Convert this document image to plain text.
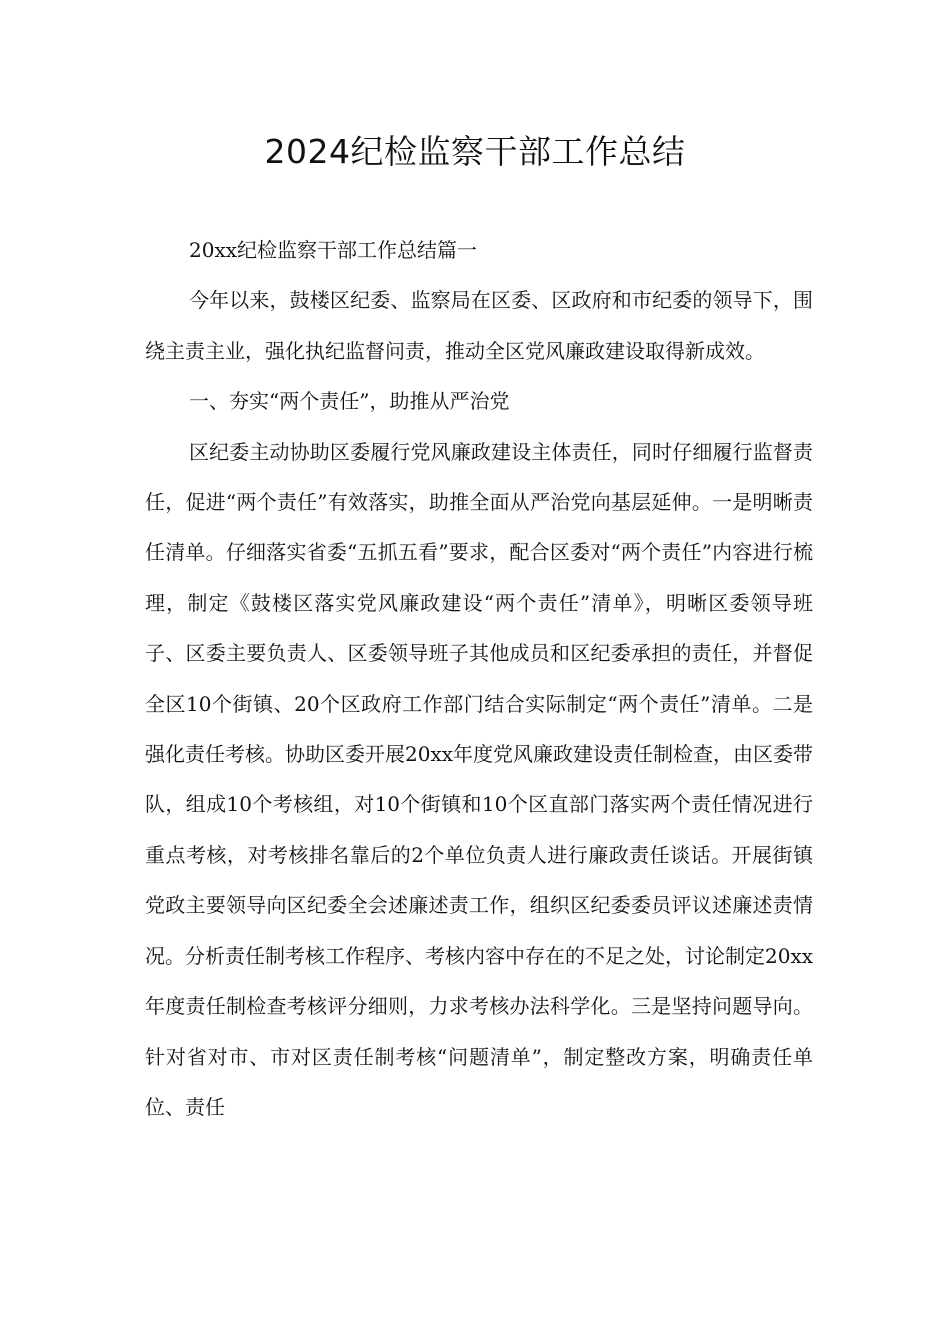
2024纪检监察干部工作总结

20xx纪检监察干部工作总结篇一

今年以来，鼓楼区纪委、监察局在区委、区政府和市纪委的领导下，围绕主责主业，强化执纪监督问责，推动全区党风廉政建设取得新成效。

一、夯实“两个责任”，助推从严治党

区纪委主动协助区委履行党风廉政建设主体责任，同时仔细履行监督责任，促进“两个责任”有效落实，助推全面从严治党向基层延伸。一是明晰责任清单。仔细落实省委“五抓五看”要求，配合区委对“两个责任”内容进行梳理，制定《鼓楼区落实党风廉政建设“两个责任”清单》，明晰区委领导班子、区委主要负责人、区委领导班子其他成员和区纪委承担的责任，并督促全区10个街镇、20个区政府工作部门结合实际制定“两个责任”清单。二是强化责任考核。协助区委开展20xx年度党风廉政建设责任制检查，由区委带队，组成10个考核组，对10个街镇和10个区直部门落实两个责任情况进行重点考核，对考核排名靠后的2个单位负责人进行廉政责任谈话。开展街镇党政主要领导向区纪委全会述廉述责工作，组织区纪委委员评议述廉述责情况。分析责任制考核工作程序、考核内容中存在的不足之处，讨论制定20xx年度责任制检查考核评分细则，力求考核办法科学化。三是坚持问题导向。针对省对市、市对区责任制考核“问题清单”，制定整改方案，明确责任单位、责任
